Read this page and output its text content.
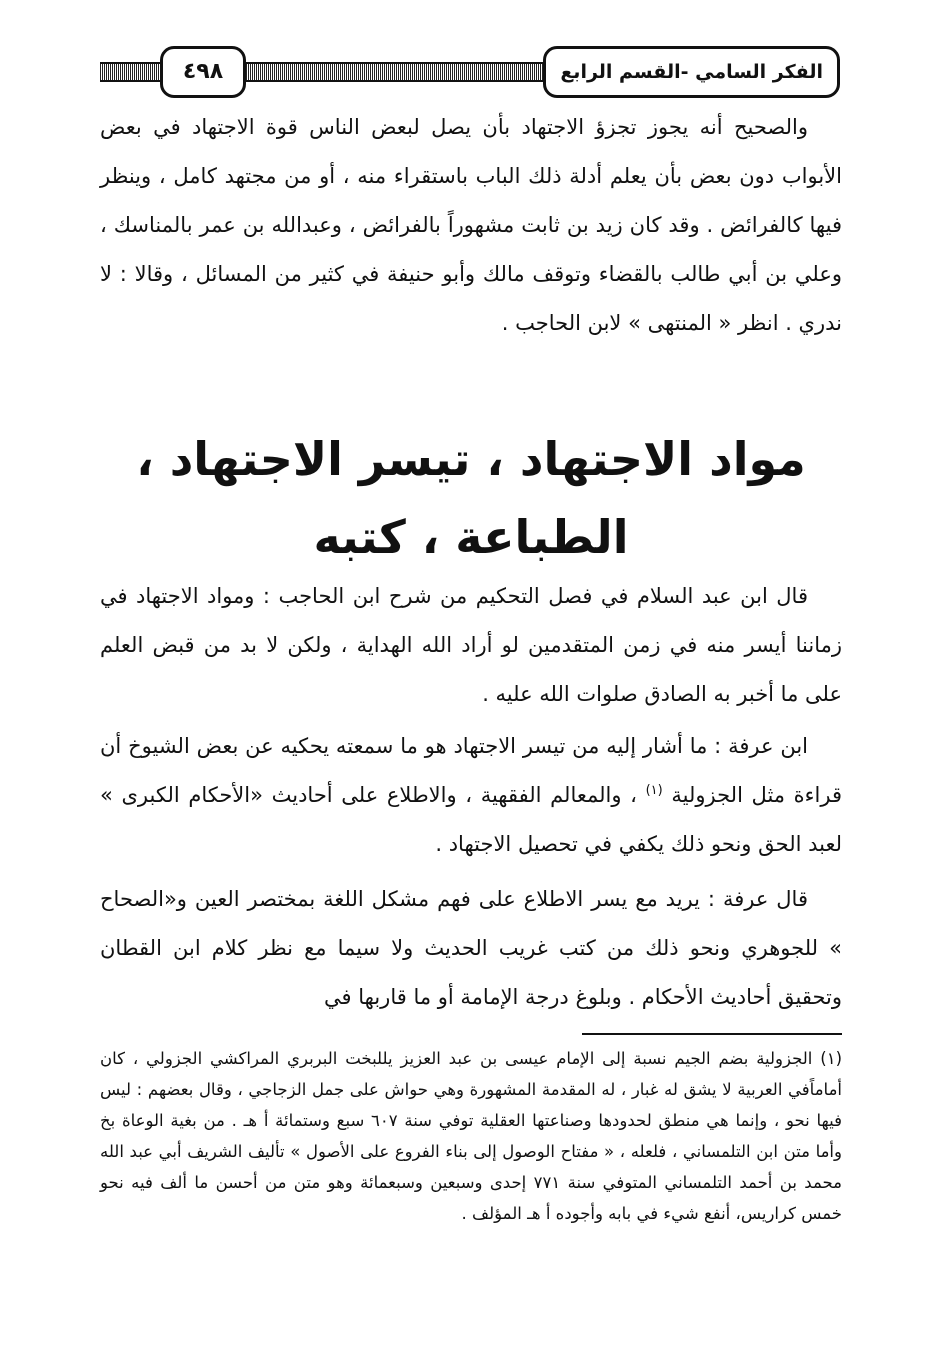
الفكر السامي -القسم الرابع
٤٩٨

والصحيح أنه يجوز تجزؤ الاجتهاد بأن يصل لبعض الناس قوة الاجتهاد في بعض الأبواب دون بعض بأن يعلم أدلة ذلك الباب باستقراء منه ، أو من مجتهد كامل ، وينظر فيها كالفرائض . وقد كان زيد بن ثابت مشهوراً بالفرائض ، وعبدالله بن عمر بالمناسك ، وعلي بن أبي طالب بالقضاء وتوقف مالك وأبو حنيفة في كثير من المسائل ، وقالا : لا ندري . انظر « المنتهى » لابن الحاجب .

مواد الاجتهاد ، تيسر الاجتهاد ،
الطباعة ، كتبه

قال ابن عبد السلام في فصل التحكيم من شرح ابن الحاجب : ومواد الاجتهاد في زماننا أيسر منه في زمن المتقدمين لو أراد الله الهداية ، ولكن لا بد من قبض العلم على ما أخبر به الصادق صلوات الله عليه .

ابن عرفة : ما أشار إليه من تيسر الاجتهاد هو ما سمعته يحكيه عن بعض الشيوخ أن قراءة مثل الجزولية $^{(١)}$ ، والمعالم الفقهية ، والاطلاع على أحاديث «الأحكام الكبرى » لعبد الحق ونحو ذلك يكفي في تحصيل الاجتهاد .

قال عرفة : يريد مع يسر الاطلاع على فهم مشكل اللغة بمختصر العين و«الصحاح » للجوهري ونحو ذلك من كتب غريب الحديث ولا سيما مع نظر كلام ابن القطان وتحقيق أحاديث الأحكام . وبلوغ درجة الإمامة أو ما قاربها في

(١) الجزولية بضم الجيم نسبة إلى الإمام عيسى بن عبد العزيز يللبخت البربري المراكشي الجزولي ، كان أماماًفي العربية لا يشق له غبار ، له المقدمة المشهورة وهي حواش على جمل الزجاجي ، وقال بعضهم : ليس فيها نحو ، وإنما هي منطق لحدودها وصناعتها العقلية توفي سنة ٦٠٧ سبع وستمائة أ هـ . من بغية الوعاة بخ وأما متن ابن التلمساني ، فلعله ، « مفتاح الوصول إلى بناء الفروع على الأصول » تأليف الشريف أبي عبد الله محمد بن أحمد التلمساني المتوفي سنة ٧٧١ إحدى وسبعين وسبعمائة وهو متن من أحسن ما ألف فيه نحو خمس كراريس، أنفع شيء في بابه وأجوده أ هـ المؤلف .
